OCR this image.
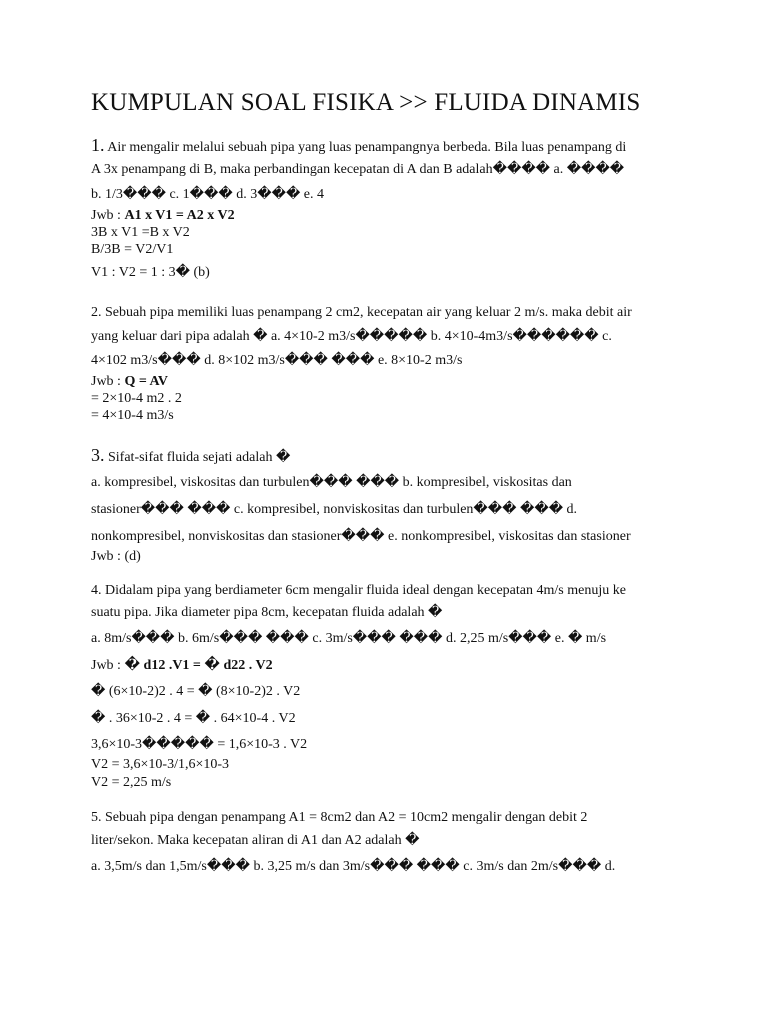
KUMPULAN SOAL FISIKA >> FLUIDA DINAMIS
1. Air mengalir melalui sebuah pipa yang luas penampangnya berbeda. Bila luas penampang di
A 3x penampang di B, maka perbandingan kecepatan di A dan B adalah���� a. ����
b. 1/3��� c. 1��� d. 3��� e. 4
Jwb : A1 x V1 = A2 x V2
3B x V1 =B x V2
B/3B = V2/V1
V1 : V2 = 1 : 3� (b)
2. Sebuah pipa memiliki luas penampang 2 cm2, kecepatan air yang keluar 2 m/s. maka debit air
yang keluar dari pipa adalah � a. 4×10-2 m3/s����� b. 4×10-4m3/s������ c.
4×102 m3/s��� d. 8×102 m3/s��� ��� e. 8×10-2 m3/s
Jwb : Q = AV
= 2×10-4 m2 . 2
= 4×10-4 m3/s
3. Sifat-sifat fluida sejati adalah �
a. kompresibel, viskositas dan turbulen��� ��� b. kompresibel, viskositas dan
stasioner��� ��� c. kompresibel, nonviskositas dan turbulen��� ��� d.
nonkompresibel, nonviskositas dan stasioner��� e. nonkompresibel, viskositas dan stasioner
Jwb : (d)
4. Didalam pipa yang berdiameter 6cm mengalir fluida ideal dengan kecepatan 4m/s menuju ke
suatu pipa. Jika diameter pipa 8cm, kecepatan fluida adalah �
a. 8m/s��� b. 6m/s��� ��� c. 3m/s��� ��� d. 2,25 m/s��� e. � m/s
Jwb : � d12 .V1 = � d22 . V2
� (6×10-2)2 . 4 = � (8×10-2)2 . V2
� . 36×10-2 . 4 = � . 64×10-4 . V2
3,6×10-3����� = 1,6×10-3 . V2
V2 = 3,6×10-3/1,6×10-3
V2 = 2,25 m/s
5. Sebuah pipa dengan penampang A1 = 8cm2 dan A2 = 10cm2 mengalir dengan debit 2
liter/sekon. Maka kecepatan aliran di A1 dan A2 adalah �
a. 3,5m/s dan 1,5m/s��� b. 3,25 m/s dan 3m/s��� ��� c. 3m/s dan 2m/s��� d.
